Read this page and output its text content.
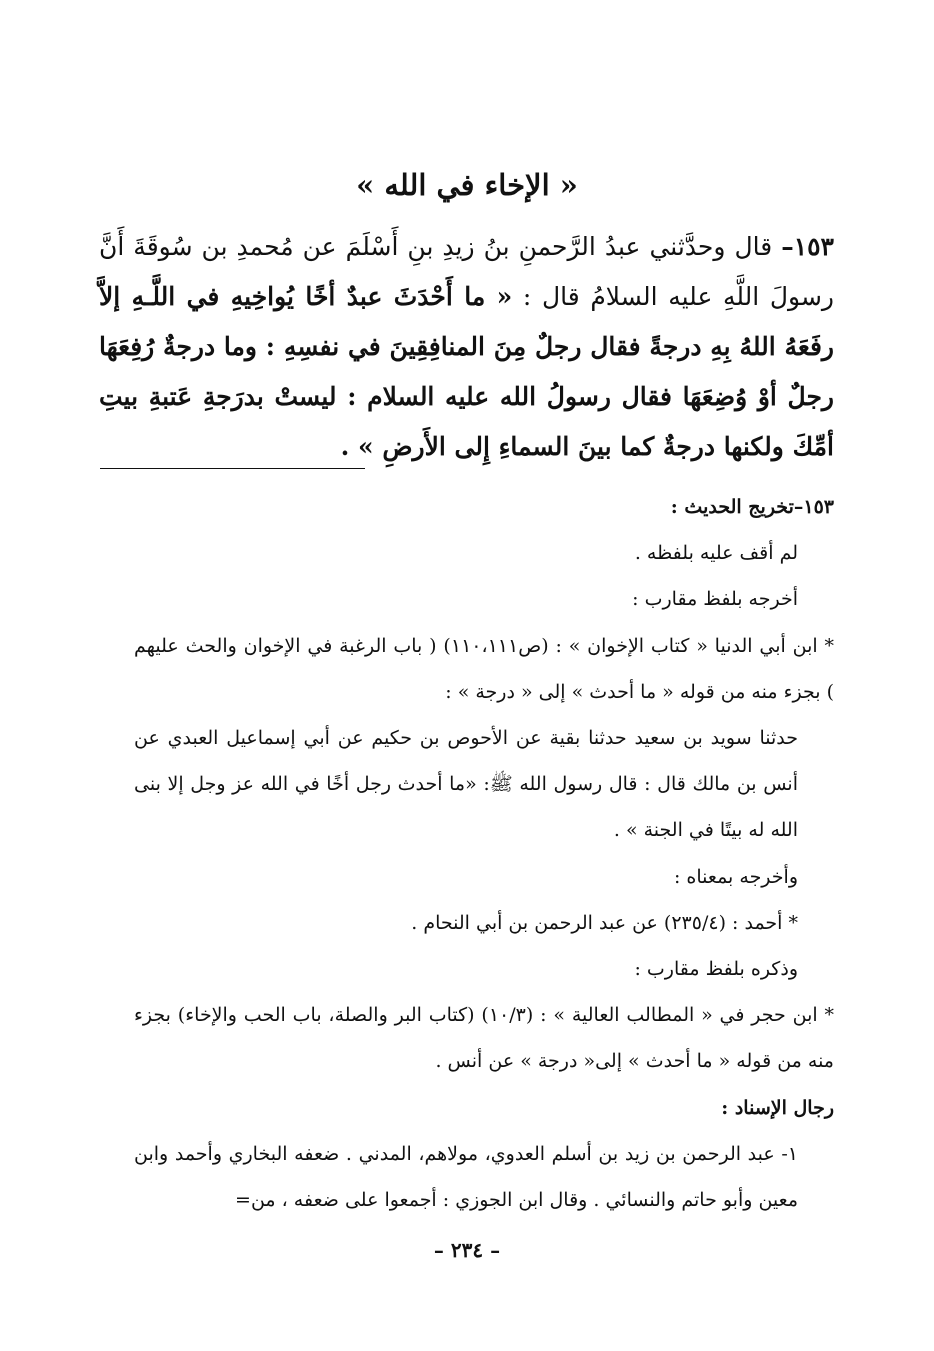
« الإخاء في الله »
١٥٣– قال وحدَّثني عبدُ الرَّحمنِ بنُ زيدِ بنِ أَسْلَمَ عن مُحمدِ بن سُوقَةَ أَنَّ رسولَ اللَّهِ عليه السلامُ قال : « ما أَحْدَثَ عبدٌ أخًا يُواخِيهِ في اللَّـهِ إلاَّ رفَعَهُ اللهُ بِهِ درجةً فقال رجلٌ مِنَ المنافِقِينَ في نفسِهِ : وما درجةٌ رُفِعَهَا رجلٌ أوْ وُضِعَهَا فقال رسولُ الله عليه السلام : ليستْ بدرَجةِ عَتبةِ بيتِ أمِّكَ ولكنها درجةٌ كما بينَ السماءِ إِلى الأَرضِ » .

١٥٣–تخريج الحديث :

لم أقف عليه بلفظه .

أخرجه بلفظ مقارب :

* ابن أبي الدنيا « كتاب الإخوان » : (ص١١٠،١١١) ( باب الرغبة في الإخوان والحث عليهم ) بجزء منه من قوله « ما أحدث » إلى « درجة » :

حدثنا سويد بن سعيد حدثنا بقية عن الأحوص بن حكيم عن أبي إسماعيل العبدي عن أنس بن مالك قال : قال رسول الله ﷺ: «ما أحدث رجل أخًا في الله عز وجل إلا بنى الله له بيتًا في الجنة » .

وأخرجه بمعناه :

* أحمد : (٢٣٥/٤) عن عبد الرحمن بن أبي النحام .

وذكره بلفظ مقارب :

* ابن حجر في « المطالب العالية » : (١٠/٣) (كتاب البر والصلة، باب الحب والإخاء) بجزء منه من قوله « ما أحدث » إلى« درجة » عن أنس .

رجال الإسناد :

١- عبد الرحمن بن زيد بن أسلم العدوي، مولاهم، المدني . ضعفه البخاري وأحمد وابن معين وأبو حاتم والنسائي . وقال ابن الجوزي : أجمعوا على ضعفه ، من=

– ٢٣٤ –
